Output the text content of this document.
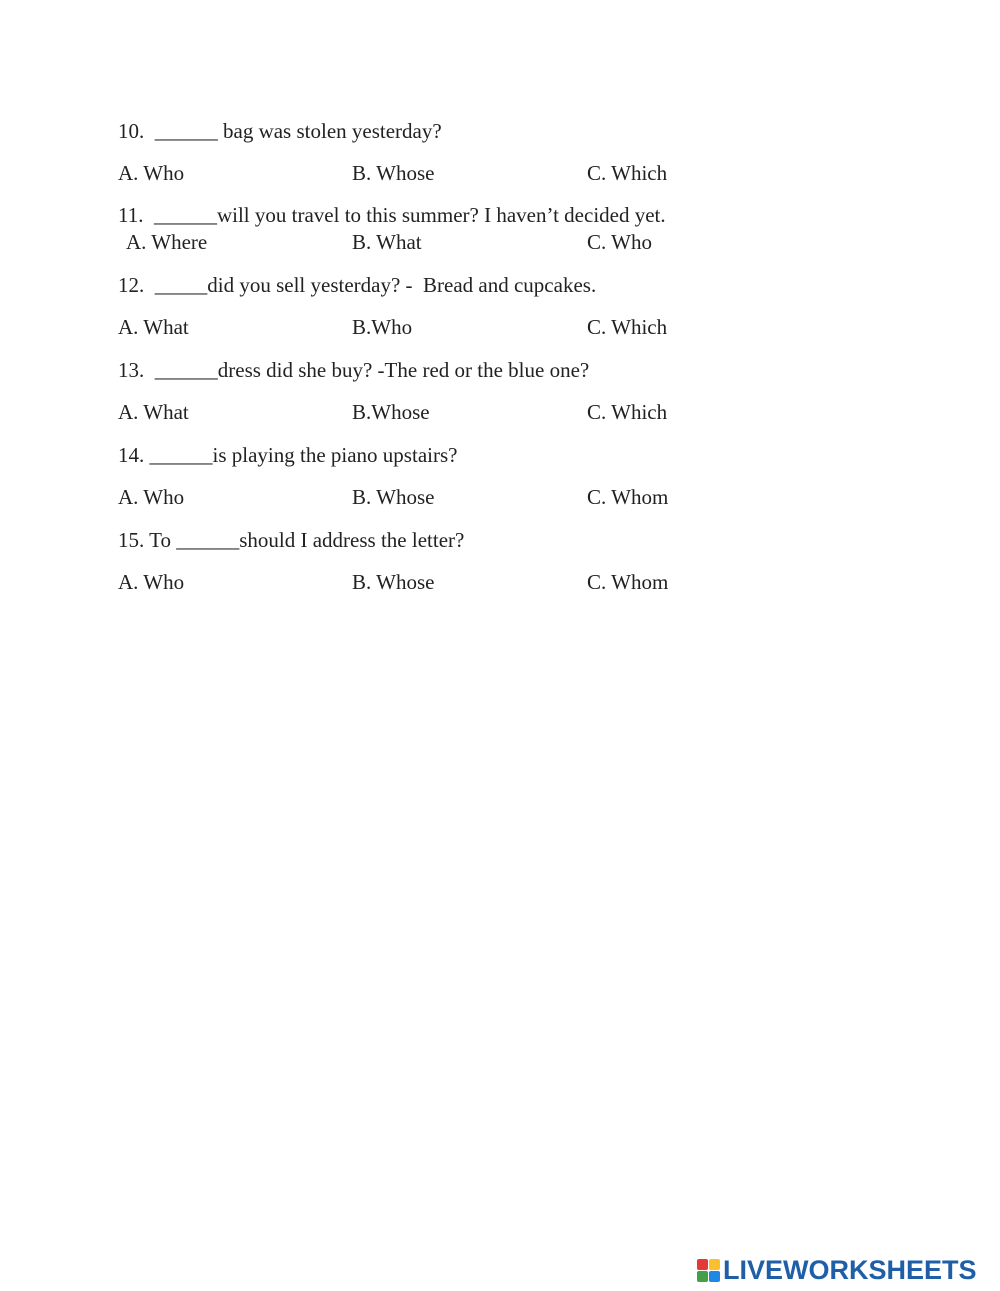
10.  ______ bag was stolen yesterday?
A. Who	B. Whose	C. Which
11.  ______will you travel to this summer? I haven’t decided yet.
A. Where	B. What	C. Who
12.  _____did you sell yesterday? -  Bread and cupcakes.
A. What	B.Who	C. Which
13.  ______dress did she buy? -The red or the blue one?
A. What	B.Whose	C. Which
14. ______is playing the piano upstairs?
A. Who	B. Whose	C. Whom
15. To ______should I address the letter?
A. Who	B. Whose	C. Whom
LIVEWORKSHEETS
